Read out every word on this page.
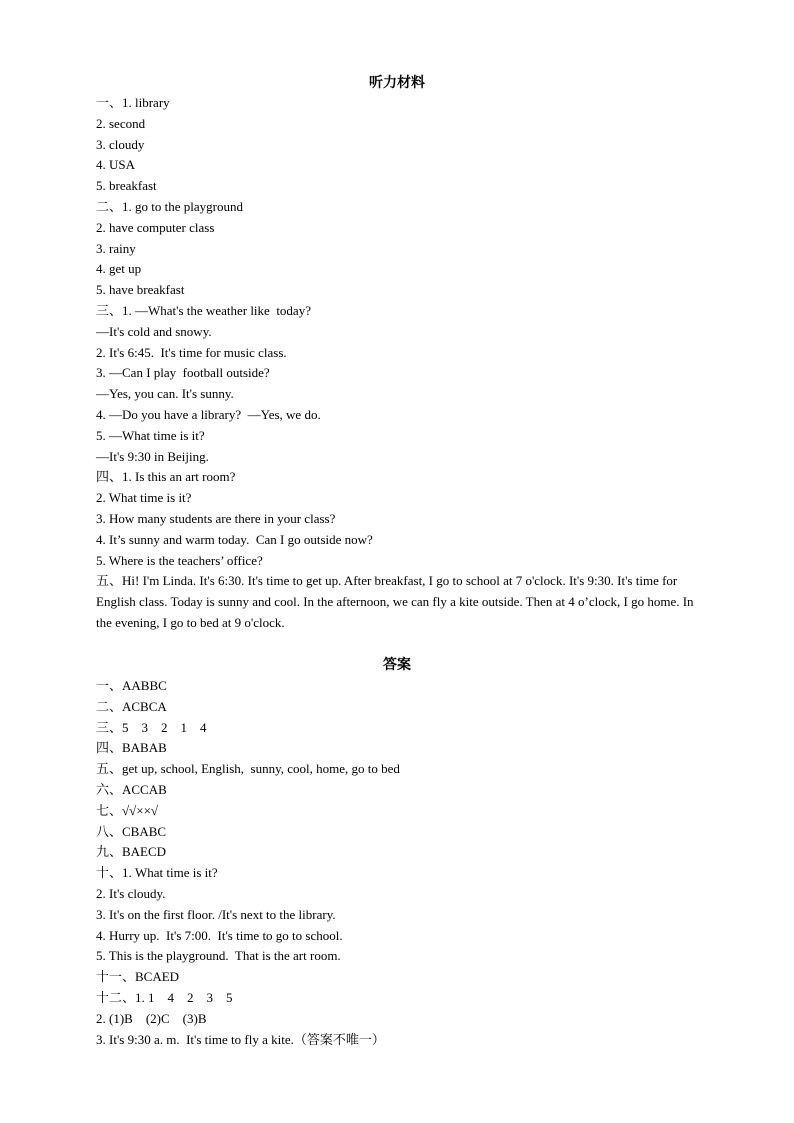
听力材料
一、1. library
2. second
3. cloudy
4. USA
5. breakfast
二、1. go to the playground
2. have computer class
3. rainy
4. get up
5. have breakfast
三、1. —What's the weather like  today?
—It's cold and snowy.
2. It's 6:45.  It's time for music class.
3. —Can I play  football outside?
—Yes, you can. It's sunny.
4. —Do you have a library?  —Yes, we do.
5. —What time is it?
—It's 9:30 in Beijing.
四、1. Is this an art room?
2. What time is it?
3. How many students are there in your class?
4. It’s sunny and warm today.  Can I go outside now?
5. Where is the teachers’ office?
五、Hi! I'm Linda. It's 6:30. It's time to get up. After breakfast, I go to school at 7 o'clock. It's 9:30. It's time for English class. Today is sunny and cool. In the afternoon, we can fly a kite outside. Then at 4 o’clock, I go home. In the evening, I go to bed at 9 o'clock.
答案
一、AABBC
二、ACBCA
三、5    3    2    1    4
四、BABAB
五、get up, school, English,  sunny, cool, home, go to bed
六、ACCAB
七、√√××√
八、CBABC
九、BAECD
十、1. What time is it?
2. It's cloudy.
3. It's on the first floor. /It's next to the library.
4. Hurry up.  It's 7:00.  It's time to go to school.
5. This is the playground.  That is the art room.
十一、BCAED
十二、1. 1    4    2    3    5
2. (1)B    (2)C    (3)B
3. It's 9:30 a. m.  It's time to fly a kite.（答案不唯一）
